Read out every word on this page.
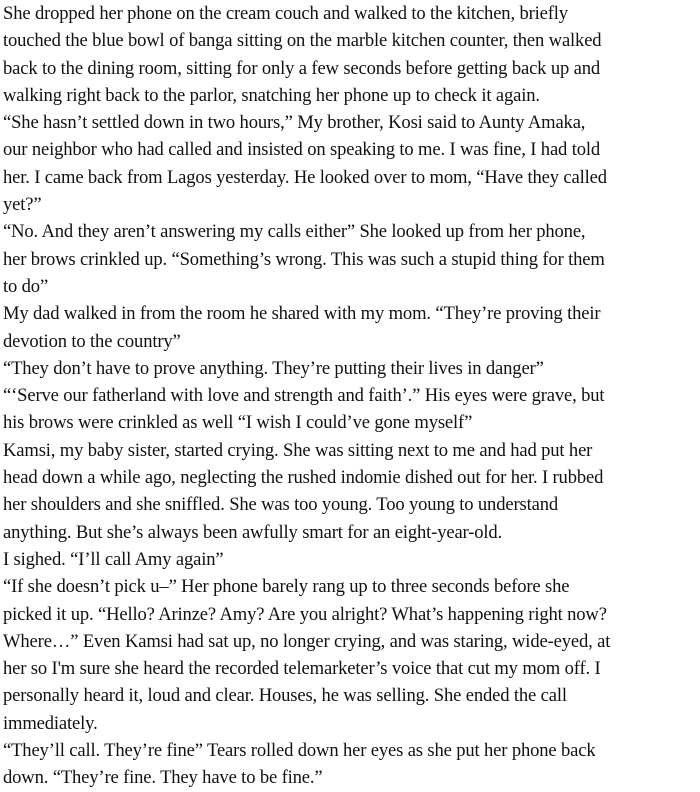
She dropped her phone on the cream couch and walked to the kitchen, briefly
touched the blue bowl of banga sitting on the marble kitchen counter, then walked
back to the dining room, sitting for only a few seconds before getting back up and
walking right back to the parlor, snatching her phone up to check it again.
“She hasn’t settled down in two hours,” My brother, Kosi said to Aunty Amaka,
our neighbor who had called and insisted on speaking to me. I was fine, I had told
her. I came back from Lagos yesterday. He looked over to mom, “Have they called
yet?”
“No. And they aren’t answering my calls either” She looked up from her phone,
her brows crinkled up. “Something’s wrong. This was such a stupid thing for them
to do”
My dad walked in from the room he shared with my mom. “They’re proving their
devotion to the country”
“They don’t have to prove anything. They’re putting their lives in danger”
“‘Serve our fatherland with love and strength and faith’.” His eyes were grave, but
his brows were crinkled as well “I wish I could’ve gone myself”
Kamsi, my baby sister, started crying. She was sitting next to me and had put her
head down a while ago, neglecting the rushed indomie dished out for her. I rubbed
her shoulders and she sniffled. She was too young. Too young to understand
anything. But she’s always been awfully smart for an eight-year-old.
I sighed. “I’ll call Amy again”
“If she doesn’t pick u–” Her phone barely rang up to three seconds before she
picked it up. “Hello? Arinze? Amy? Are you alright? What’s happening right now?
Where…” Even Kamsi had sat up, no longer crying, and was staring, wide-eyed, at
her so I'm sure she heard the recorded telemarketer’s voice that cut my mom off. I
personally heard it, loud and clear. Houses, he was selling. She ended the call
immediately.
“They’ll call. They’re fine” Tears rolled down her eyes as she put her phone back
down. “They’re fine. They have to be fine.”
